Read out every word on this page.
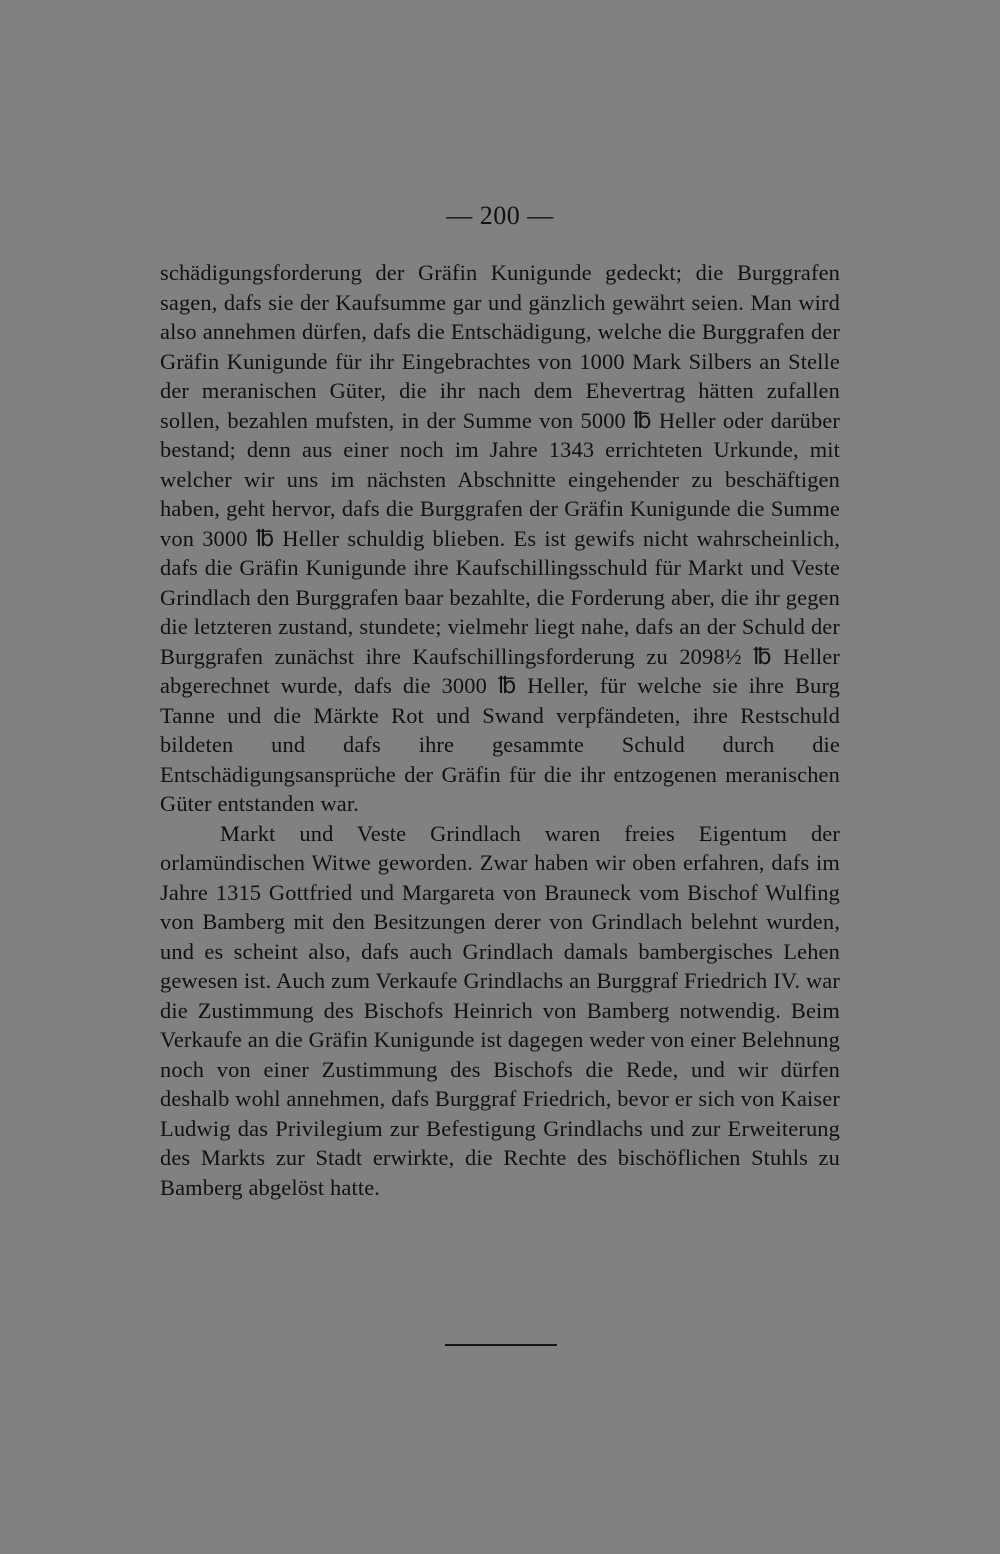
— 200 —

schädigungsforderung der Gräfin Kunigunde gedeckt; die Burggrafen sagen, dafs sie der Kaufsumme gar und gänzlich gewährt seien. Man wird also annehmen dürfen, dafs die Entschädigung, welche die Burggrafen der Gräfin Kunigunde für ihr Eingebrachtes von 1000 Mark Silbers an Stelle der meranischen Güter, die ihr nach dem Ehevertrag hätten zufallen sollen, bezahlen mufsten, in der Summe von 5000 ℔ Heller oder darüber bestand; denn aus einer noch im Jahre 1343 errichteten Urkunde, mit welcher wir uns im nächsten Abschnitte eingehender zu beschäftigen haben, geht hervor, dafs die Burggrafen der Gräfin Kunigunde die Summe von 3000 ℔ Heller schuldig blieben. Es ist gewifs nicht wahrscheinlich, dafs die Gräfin Kunigunde ihre Kaufschillingsschuld für Markt und Veste Grindlach den Burggrafen baar bezahlte, die Forderung aber, die ihr gegen die letzteren zustand, stundete; vielmehr liegt nahe, dafs an der Schuld der Burggrafen zunächst ihre Kaufschillingsforderung zu 2098½ ℔ Heller abgerechnet wurde, dafs die 3000 ℔ Heller, für welche sie ihre Burg Tanne und die Märkte Rot und Swand verpfändeten, ihre Restschuld bildeten und dafs ihre gesammte Schuld durch die Entschädigungsansprüche der Gräfin für die ihr entzogenen meranischen Güter entstanden war.

Markt und Veste Grindlach waren freies Eigentum der orlamündischen Witwe geworden. Zwar haben wir oben erfahren, dafs im Jahre 1315 Gottfried und Margareta von Brauneck vom Bischof Wulfing von Bamberg mit den Besitzungen derer von Grindlach belehnt wurden, und es scheint also, dafs auch Grindlach damals bambergisches Lehen gewesen ist. Auch zum Verkaufe Grindlachs an Burggraf Friedrich IV. war die Zustimmung des Bischofs Heinrich von Bamberg notwendig. Beim Verkaufe an die Gräfin Kunigunde ist dagegen weder von einer Belehnung noch von einer Zustimmung des Bischofs die Rede, und wir dürfen deshalb wohl annehmen, dafs Burggraf Friedrich, bevor er sich von Kaiser Ludwig das Privilegium zur Befestigung Grindlachs und zur Erweiterung des Markts zur Stadt erwirkte, die Rechte des bischöflichen Stuhls zu Bamberg abgelöst hatte.
